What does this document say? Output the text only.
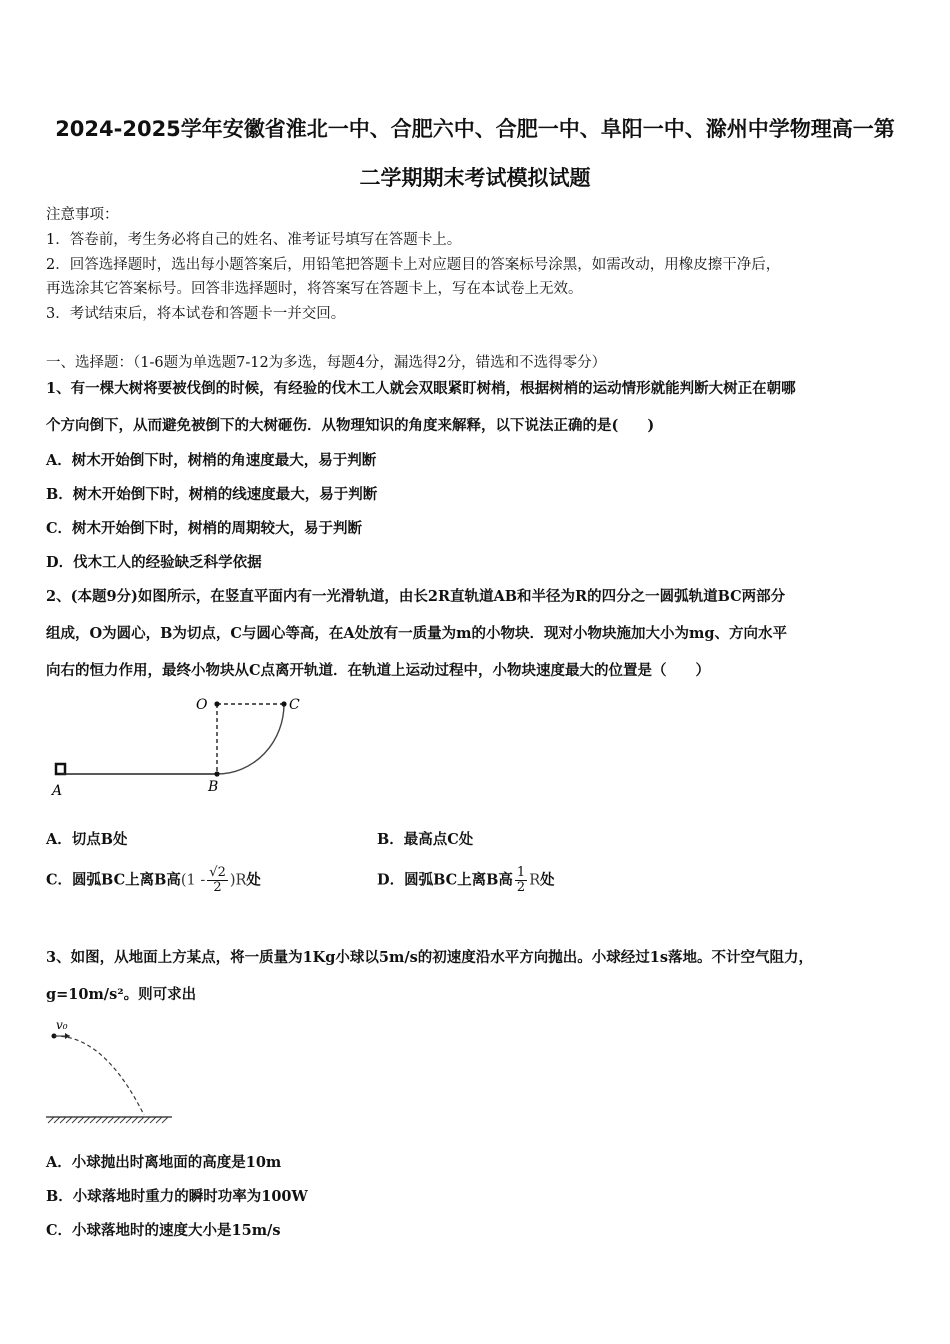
2024-2025学年安徽省淮北一中、合肥六中、合肥一中、阜阳一中、滁州中学物理高一第
二学期期末考试模拟试题
注意事项：
1．答卷前，考生务必将自己的姓名、准考证号填写在答题卡上。
2．回答选择题时，选出每小题答案后，用铅笔把答题卡上对应题目的答案标号涂黑，如需改动，用橡皮擦干净后，
再选涂其它答案标号。回答非选择题时，将答案写在答题卡上，写在本试卷上无效。
3．考试结束后，将本试卷和答题卡一并交回。
一、选择题：（1-6题为单选题7-12为多选，每题4分，漏选得2分，错选和不选得零分）
1、有一棵大树将要被伐倒的时候，有经验的伐木工人就会双眼紧盯树梢，根据树梢的运动情形就能判断大树正在朝哪
个方向倒下，从而避免被倒下的大树砸伤．从物理知识的角度来解释，以下说法正确的是(　　)
A．树木开始倒下时，树梢的角速度最大，易于判断
B．树木开始倒下时，树梢的线速度最大，易于判断
C．树木开始倒下时，树梢的周期较大，易于判断
D．伐木工人的经验缺乏科学依据
2、(本题9分)如图所示，在竖直平面内有一光滑轨道，由长2R直轨道AB和半径为R的四分之一圆弧轨道BC两部分
组成，O为圆心，B为切点，C与圆心等高，在A处放有一质量为m的小物块．现对小物块施加大小为mg、方向水平
向右的恒力作用，最终小物块从C点离开轨道．在轨道上运动过程中，小物块速度最大的位置是（　　）
O	C
A	B
A．切点B处	B．最高点C处
C．圆弧BC上离B高$(1 - \frac{√2}{2} )R$处	D．圆弧BC上离B高 $\frac{1}{2}$ R处
3、如图，从地面上方某点，将一质量为1Kg小球以5m/s的初速度沿水平方向抛出。小球经过1s落地。不计空气阻力，
g=10m/s²。则可求出
v₀
A．小球抛出时离地面的高度是10m
B．小球落地时重力的瞬时功率为100W
C．小球落地时的速度大小是15m/s
